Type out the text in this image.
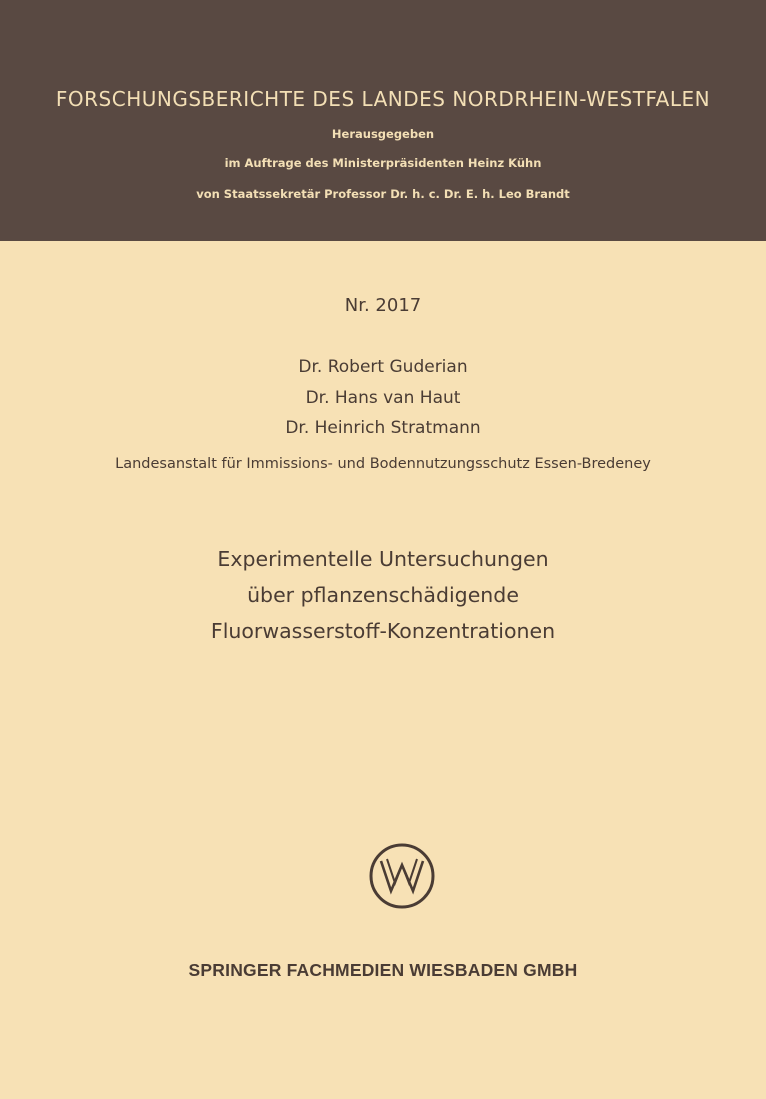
FORSCHUNGSBERICHTE DES LANDES NORDRHEIN-WESTFALEN
Herausgegeben
im Auftrage des Ministerpräsidenten Heinz Kühn
von Staatssekretär Professor Dr. h. c. Dr. E. h. Leo Brandt
Nr. 2017
Dr. Robert Guderian
Dr. Hans van Haut
Dr. Heinrich Stratmann
Landesanstalt für Immissions- und Bodennutzungsschutz Essen-Bredeney
Experimentelle Untersuchungen
über pflanzenschädigende
Fluorwasserstoff-Konzentrationen
SPRINGER FACHMEDIEN WIESBADEN GMBH
